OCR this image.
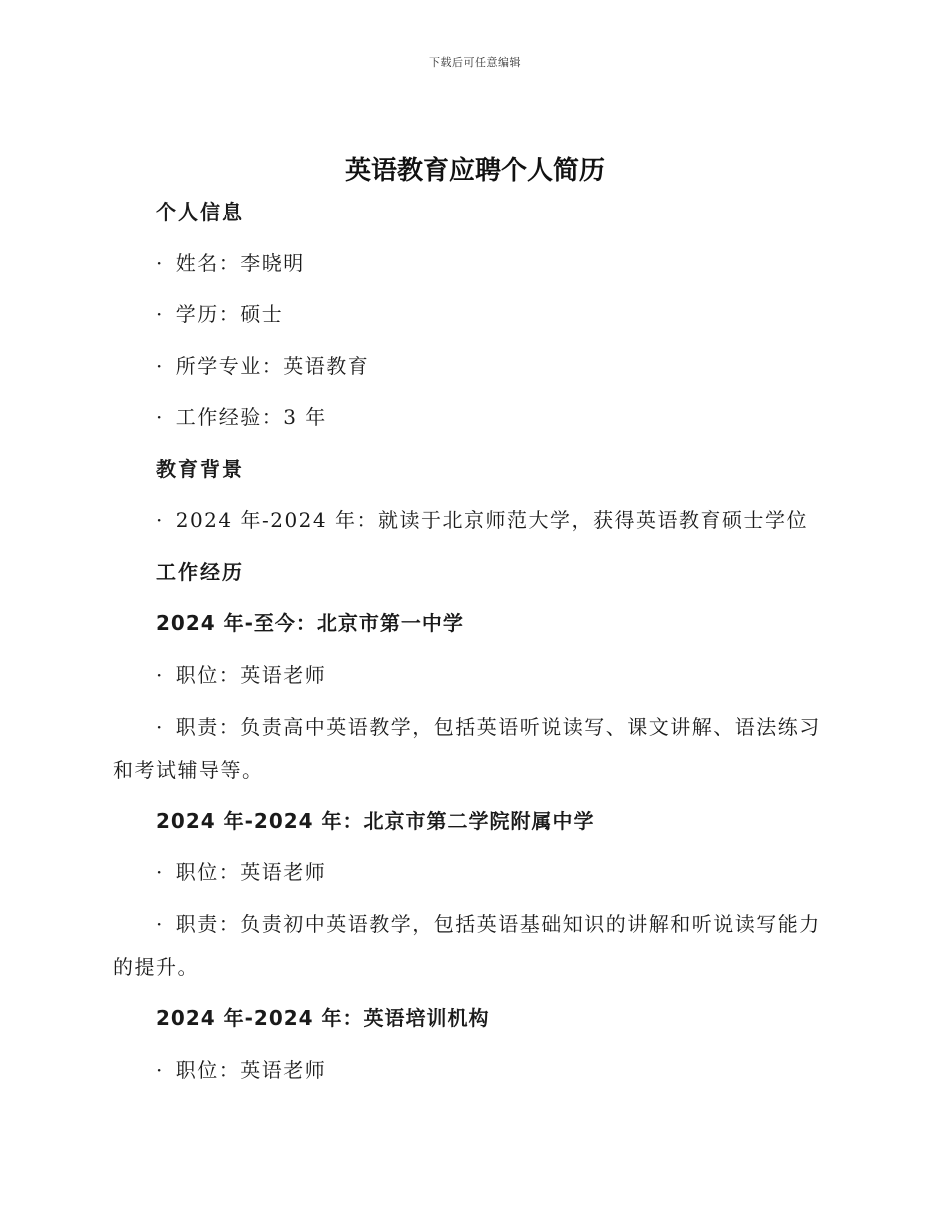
下载后可任意编辑
英语教育应聘个人简历
个人信息
· 姓名：李晓明
· 学历：硕士
· 所学专业：英语教育
· 工作经验：3 年
教育背景
· 2024 年-2024 年：就读于北京师范大学，获得英语教育硕士学位
工作经历
2024 年-至今：北京市第一中学
· 职位：英语老师
· 职责：负责高中英语教学，包括英语听说读写、课文讲解、语法练习
和考试辅导等。
2024 年-2024 年：北京市第二学院附属中学
· 职位：英语老师
· 职责：负责初中英语教学，包括英语基础知识的讲解和听说读写能力
的提升。
2024 年-2024 年：英语培训机构
· 职位：英语老师
